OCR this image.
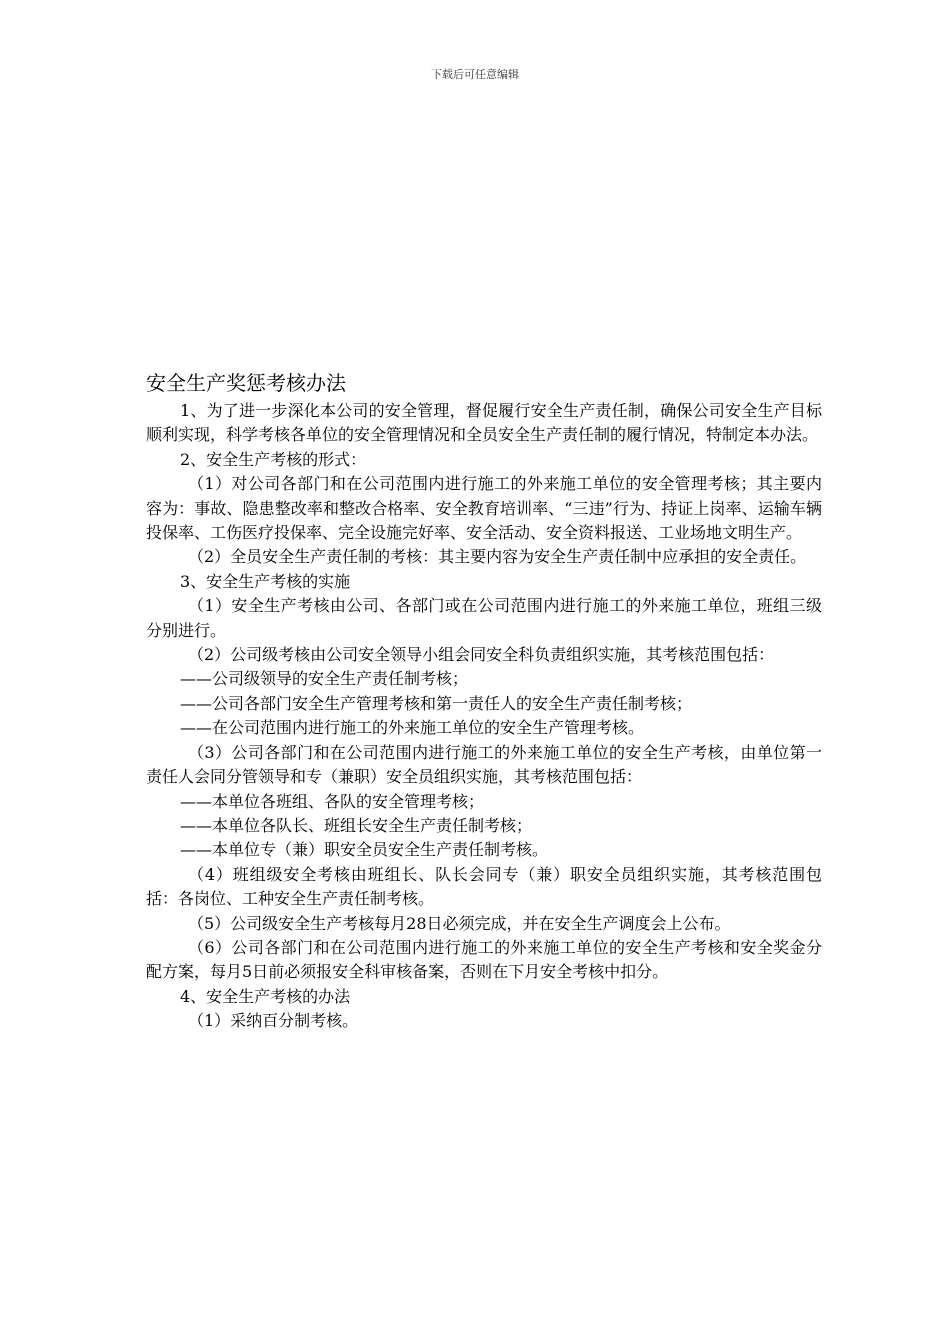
下载后可任意编辑
安全生产奖惩考核办法

1、为了进一步深化本公司的安全管理，督促履行安全生产责任制，确保公司安全生产目标顺利实现，科学考核各单位的安全管理情况和全员安全生产责任制的履行情况，特制定本办法。

2、安全生产考核的形式：

（1）对公司各部门和在公司范围内进行施工的外来施工单位的安全管理考核；其主要内容为：事故、隐患整改率和整改合格率、安全教育培训率、“三违”行为、持证上岗率、运输车辆投保率、工伤医疗投保率、完全设施完好率、安全活动、安全资料报送、工业场地文明生产。

（2）全员安全生产责任制的考核：其主要内容为安全生产责任制中应承担的安全责任。

3、安全生产考核的实施

（1）安全生产考核由公司、各部门或在公司范围内进行施工的外来施工单位，班组三级分别进行。

（2）公司级考核由公司安全领导小组会同安全科负责组织实施，其考核范围包括：

——公司级领导的安全生产责任制考核；

——公司各部门安全生产管理考核和第一责任人的安全生产责任制考核；

——在公司范围内进行施工的外来施工单位的安全生产管理考核。

（3）公司各部门和在公司范围内进行施工的外来施工单位的安全生产考核，由单位第一责任人会同分管领导和专（兼职）安全员组织实施，其考核范围包括：

——本单位各班组、各队的安全管理考核；

——本单位各队长、班组长安全生产责任制考核；

——本单位专（兼）职安全员安全生产责任制考核。

（4）班组级安全考核由班组长、队长会同专（兼）职安全员组织实施，其考核范围包括：各岗位、工种安全生产责任制考核。

（5）公司级安全生产考核每月28日必须完成，并在安全生产调度会上公布。

（6）公司各部门和在公司范围内进行施工的外来施工单位的安全生产考核和安全奖金分配方案，每月5日前必须报安全科审核备案，否则在下月安全考核中扣分。

4、安全生产考核的办法

（1）采纳百分制考核。
